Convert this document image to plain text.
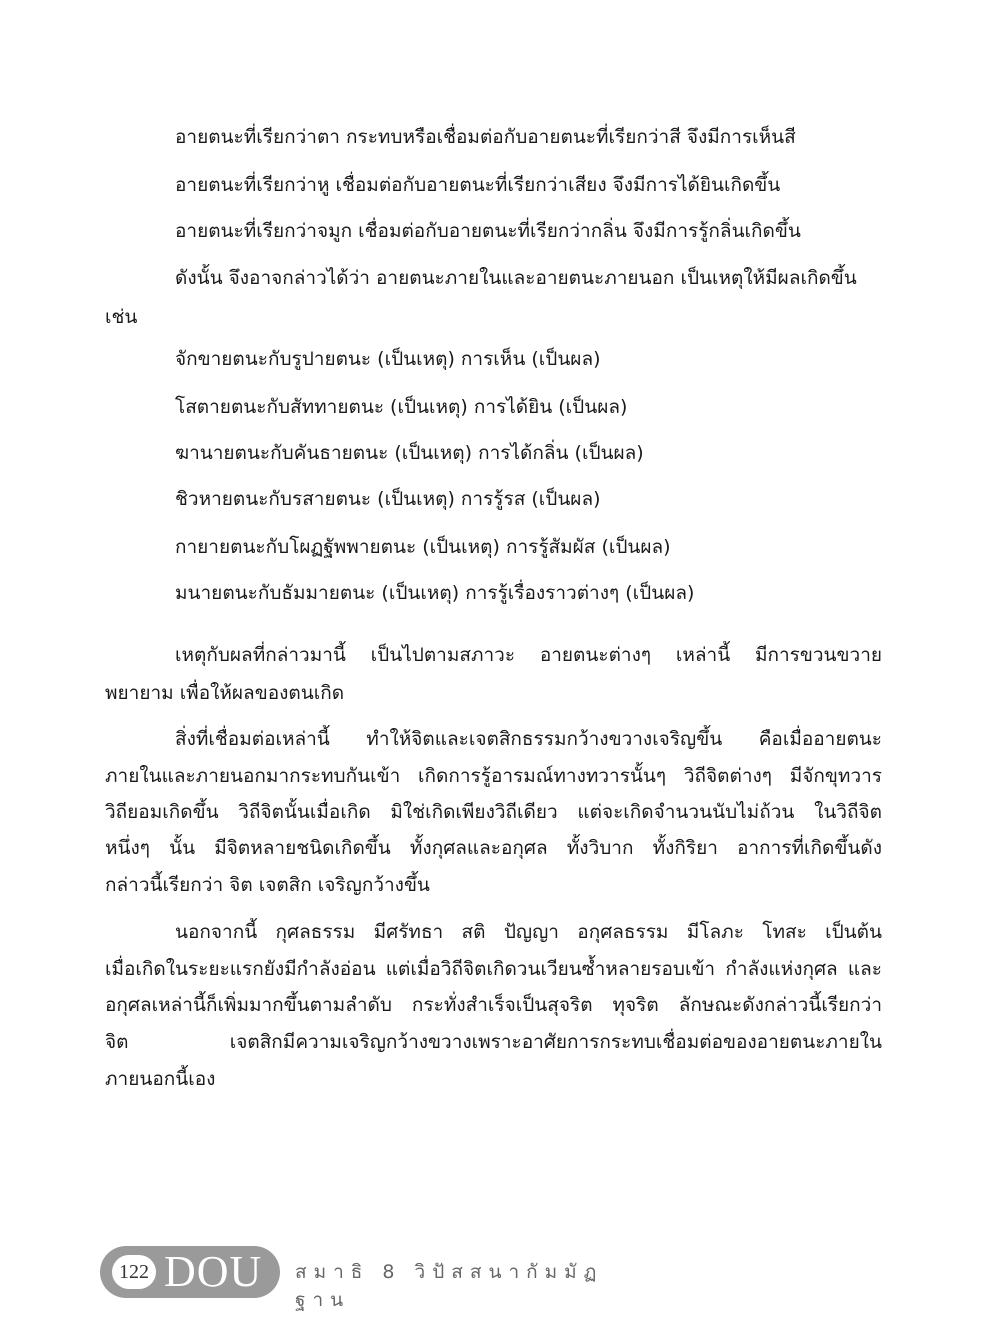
อายตนะที่เรียกว่าตา กระทบหรือเชื่อมต่อกับอายตนะที่เรียกว่าสี จึงมีการเห็นสี
อายตนะที่เรียกว่าหู เชื่อมต่อกับอายตนะที่เรียกว่าเสียง จึงมีการได้ยินเกิดขึ้น
อายตนะที่เรียกว่าจมูก เชื่อมต่อกับอายตนะที่เรียกว่ากลิ่น จึงมีการรู้กลิ่นเกิดขึ้น
ดังนั้น จึงอาจกล่าวได้ว่า อายตนะภายในและอายตนะภายนอก เป็นเหตุให้มีผลเกิดขึ้น
เช่น
จักขายตนะกับรูปายตนะ (เป็นเหตุ) การเห็น (เป็นผล)
โสตายตนะกับสัททายตนะ (เป็นเหตุ) การได้ยิน (เป็นผล)
ฆานายตนะกับคันธายตนะ (เป็นเหตุ) การได้กลิ่น (เป็นผล)
ชิวหายตนะกับรสายตนะ (เป็นเหตุ) การรู้รส (เป็นผล)
กายายตนะกับโผฏฐัพพายตนะ (เป็นเหตุ) การรู้สัมผัส (เป็นผล)
มนายตนะกับธัมมายตนะ (เป็นเหตุ) การรู้เรื่องราวต่างๆ (เป็นผล)
เหตุกับผลที่กล่าวมานี้ เป็นไปตามสภาวะ อายตนะต่างๆ เหล่านี้ มีการขวนขวาย
พยายาม เพื่อให้ผลของตนเกิด
สิ่งที่เชื่อมต่อเหล่านี้ ทำให้จิตและเจตสิกธรรมกว้างขวางเจริญขึ้น คือเมื่ออายตนะ
ภายในและภายนอกมากระทบกันเข้า เกิดการรู้อารมณ์ทางทวารนั้นๆ วิถีจิตต่างๆ มีจักขุทวาร
วิถียอมเกิดขึ้น วิถีจิตนั้นเมื่อเกิด มิใช่เกิดเพียงวิถีเดียว แต่จะเกิดจำนวนนับไม่ถ้วน ในวิถีจิต
หนึ่งๆ นั้น มีจิตหลายชนิดเกิดขึ้น ทั้งกุศลและอกุศล ทั้งวิบาก ทั้งกิริยา อาการที่เกิดขึ้นดัง
กล่าวนี้เรียกว่า จิต เจตสิก เจริญกว้างขึ้น
นอกจากนี้ กุศลธรรม มีศรัทธา สติ ปัญญา อกุศลธรรม มีโลภะ โทสะ เป็นต้น
เมื่อเกิดในระยะแรกยังมีกำลังอ่อน แต่เมื่อวิถีจิตเกิดวนเวียนซ้ำหลายรอบเข้า กำลังแห่งกุศล และ
อกุศลเหล่านี้ก็เพิ่มมากขึ้นตามลำดับ กระทั่งสำเร็จเป็นสุจริต ทุจริต ลักษณะดังกล่าวนี้เรียกว่า
จิต เจตสิกมีความเจริญกว้างขวางเพราะอาศัยการกระทบเชื่อมต่อของอายตนะภายใน
ภายนอกนี้เอง
122 DOU สมาธิ 8 วิปัสสนากัมมัฏฐาน
